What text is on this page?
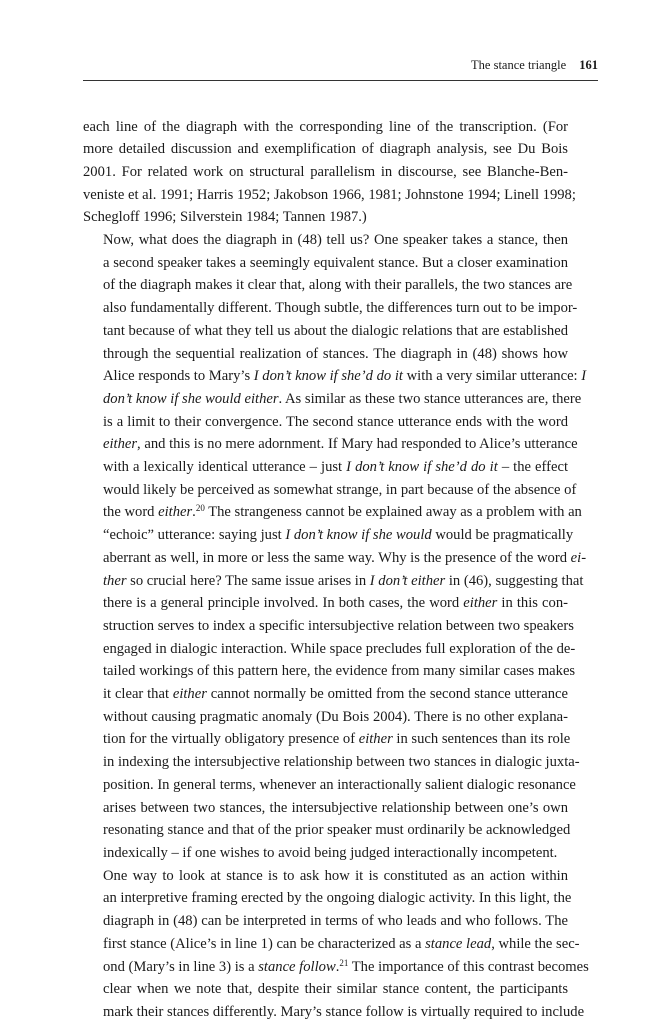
The stance triangle 161

each line of the diagraph with the corresponding line of the transcription. (For
more detailed discussion and exemplification of diagraph analysis, see Du Bois
2001. For related work on structural parallelism in discourse, see Blanche-Ben-
veniste et al. 1991; Harris 1952; Jakobson 1966, 1981; Johnstone 1994; Linell 1998;
Schegloff 1996; Silverstein 1984; Tannen 1987.)

Now, what does the diagraph in (48) tell us? One speaker takes a stance, then
a second speaker takes a seemingly equivalent stance. But a closer examination
of the diagraph makes it clear that, along with their parallels, the two stances are
also fundamentally different. Though subtle, the differences turn out to be impor-
tant because of what they tell us about the dialogic relations that are established
through the sequential realization of stances. The diagraph in (48) shows how
Alice responds to Mary’s I don’t know if she’d do it with a very similar utterance: I
don’t know if she would either. As similar as these two stance utterances are, there
is a limit to their convergence. The second stance utterance ends with the word
either, and this is no mere adornment. If Mary had responded to Alice’s utterance
with a lexically identical utterance – just I don’t know if she’d do it – the effect
would likely be perceived as somewhat strange, in part because of the absence of
the word either.$^{20}$ The strangeness cannot be explained away as a problem with an
“echoic” utterance: saying just I don’t know if she would would be pragmatically
aberrant as well, in more or less the same way. Why is the presence of the word ei-
ther so crucial here? The same issue arises in I don’t either in (46), suggesting that
there is a general principle involved. In both cases, the word either in this con-
struction serves to index a specific intersubjective relation between two speakers
engaged in dialogic interaction. While space precludes full exploration of the de-
tailed workings of this pattern here, the evidence from many similar cases makes
it clear that either cannot normally be omitted from the second stance utterance
without causing pragmatic anomaly (Du Bois 2004). There is no other explana-
tion for the virtually obligatory presence of either in such sentences than its role
in indexing the intersubjective relationship between two stances in dialogic juxta-
position. In general terms, whenever an interactionally salient dialogic resonance
arises between two stances, the intersubjective relationship between one’s own
resonating stance and that of the prior speaker must ordinarily be acknowledged
indexically – if one wishes to avoid being judged interactionally incompetent.

One way to look at stance is to ask how it is constituted as an action within
an interpretive framing erected by the ongoing dialogic activity. In this light, the
diagraph in (48) can be interpreted in terms of who leads and who follows. The
first stance (Alice’s in line 1) can be characterized as a stance lead, while the sec-
ond (Mary’s in line 3) is a stance follow.$^{21}$ The importance of this contrast becomes
clear when we note that, despite their similar stance content, the participants
mark their stances differently. Mary’s stance follow is virtually required to include
